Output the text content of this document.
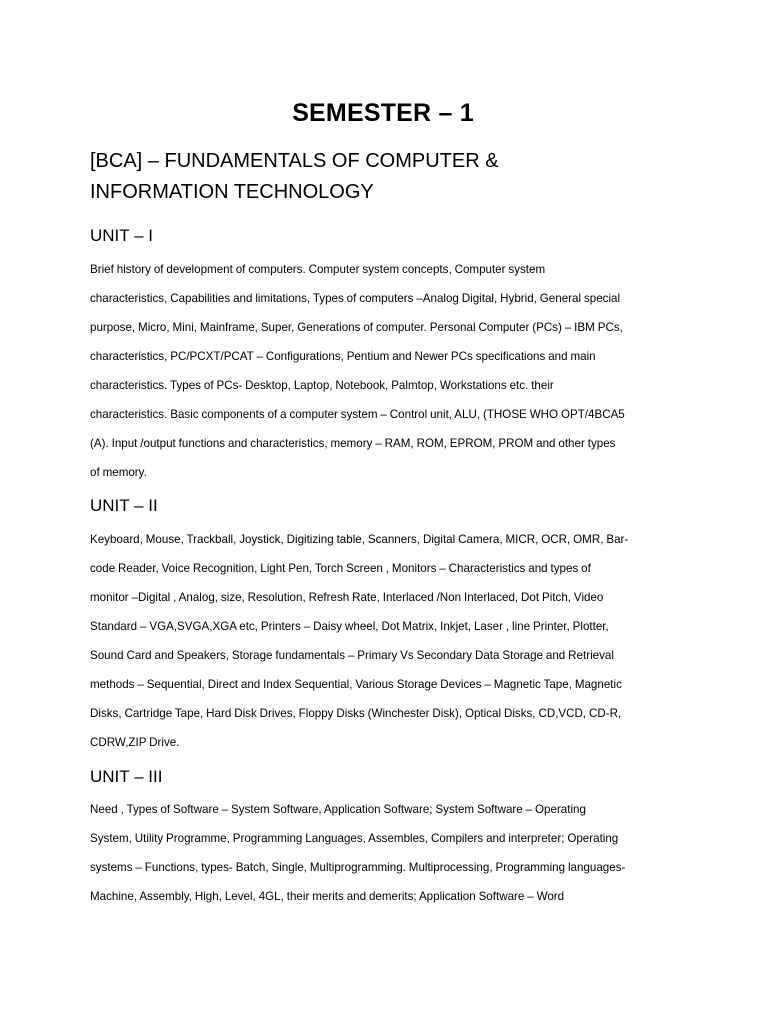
SEMESTER – 1
[BCA] – FUNDAMENTALS OF COMPUTER &
INFORMATION TECHNOLOGY
UNIT – I

Brief history of development of computers. Computer system concepts, Computer system
characteristics, Capabilities and limitations, Types of computers –Analog Digital, Hybrid, General special
purpose, Micro, Mini, Mainframe, Super, Generations of computer. Personal Computer (PCs) – IBM PCs,
characteristics, PC/PCXT/PCAT – Configurations, Pentium and Newer PCs specifications and main
characteristics. Types of PCs- Desktop, Laptop, Notebook, Palmtop, Workstations etc. their
characteristics. Basic components of a computer system – Control unit, ALU, (THOSE WHO OPT/4BCA5
(A). Input /output functions and characteristics, memory – RAM, ROM, EPROM, PROM and other types
of memory.

UNIT – II

Keyboard, Mouse, Trackball, Joystick, Digitizing table, Scanners, Digital Camera, MICR, OCR, OMR, Bar-
code Reader, Voice Recognition, Light Pen, Torch Screen , Monitors – Characteristics and types of
monitor –Digital , Analog, size, Resolution, Refresh Rate, Interlaced /Non Interlaced, Dot Pitch, Video
Standard – VGA,SVGA,XGA etc, Printers – Daisy wheel, Dot Matrix, Inkjet, Laser , line Printer, Plotter,
Sound Card and Speakers, Storage fundamentals – Primary Vs Secondary Data Storage and Retrieval
methods – Sequential, Direct and Index Sequential, Various Storage Devices – Magnetic Tape, Magnetic
Disks, Cartridge Tape, Hard Disk Drives, Floppy Disks (Winchester Disk), Optical Disks, CD,VCD, CD-R,
CDRW,ZIP Drive.

UNIT – III

Need , Types of Software – System Software, Application Software; System Software – Operating
System, Utility Programme, Programming Languages, Assembles, Compilers and interpreter; Operating
systems – Functions, types- Batch, Single, Multiprogramming. Multiprocessing, Programming languages-
Machine, Assembly, High, Level, 4GL, their merits and demerits; Application Software – Word
